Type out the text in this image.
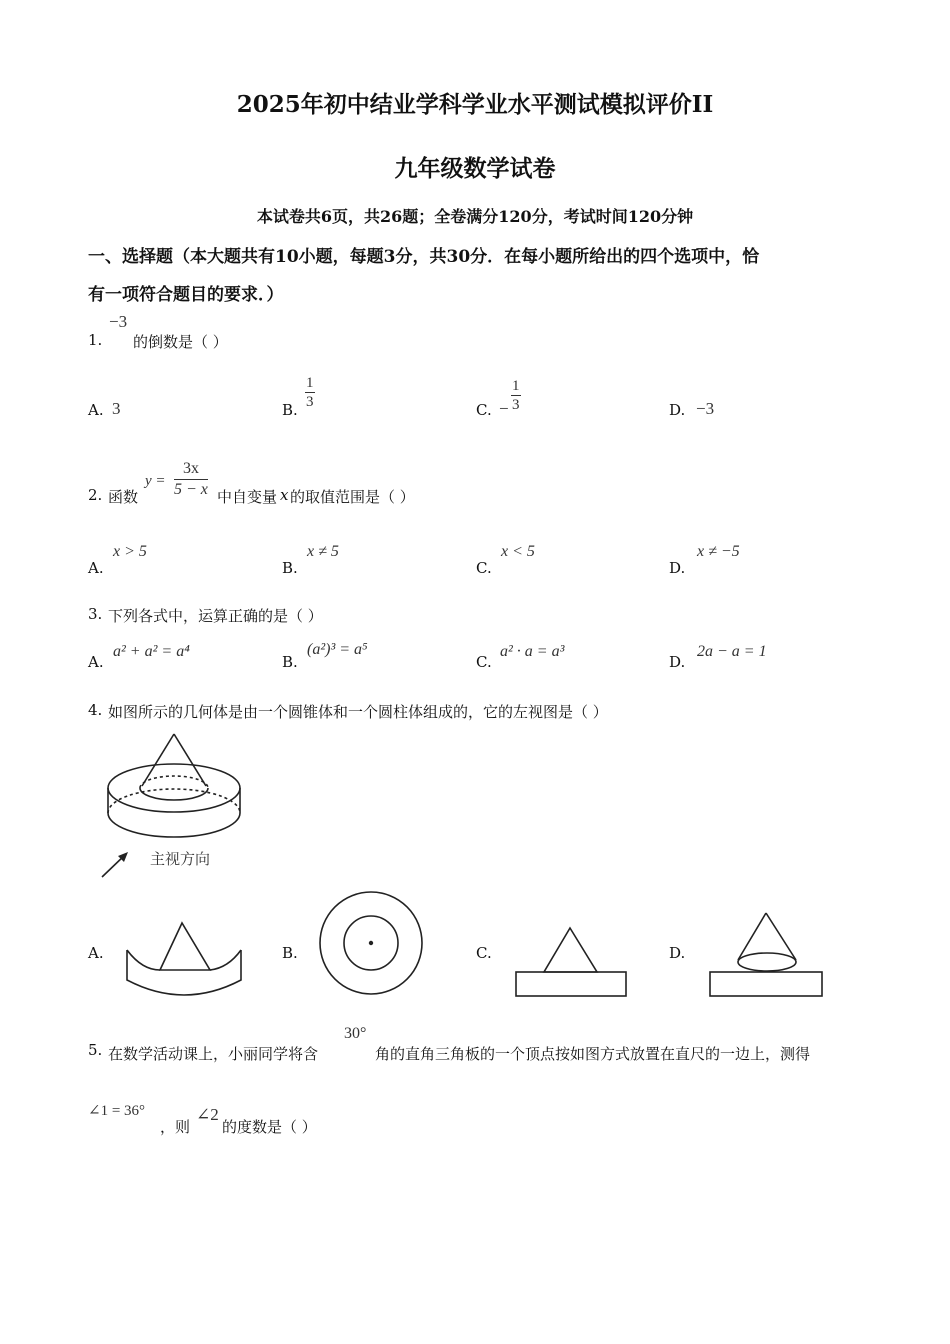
2025年初中结业学科学业水平测试模拟评价II
九年级数学试卷
本试卷共6页，共26题；全卷满分120分，考试时间120分钟
一、选择题（本大题共有10小题，每题3分，共30分．在每小题所给出的四个选项中，恰
有一项符合题目的要求．）
1.
−3
的倒数是（ ）
A. 3	B. $\frac{1}{3}$	C. − $\frac{1}{3}$	D. −3
2. 函数
$y = \frac{3x}{5 - x}$ 中自变量 x 的取值范围是（ ）
A.
x > 5
B.
x ≠ 5
C.
x < 5
D.
x ≠ −5
3. 下列各式中，运算正确的是（ ）
A.
a² + a² = a⁴
B.
(a²)³ = a⁵
C.
a² · a = a³
D.
2a − a = 1
4. 如图所示的几何体是由一个圆锥体和一个圆柱体组成的，它的左视图是（ ）
主视方向
A.	B.	C.	D.
5. 在数学活动课上，小丽同学将含
30°
角的直角三角板的一个顶点按如图方式放置在直尺的一边上，测得
∠1 = 36°
，则
∠2
的度数是（ ）
